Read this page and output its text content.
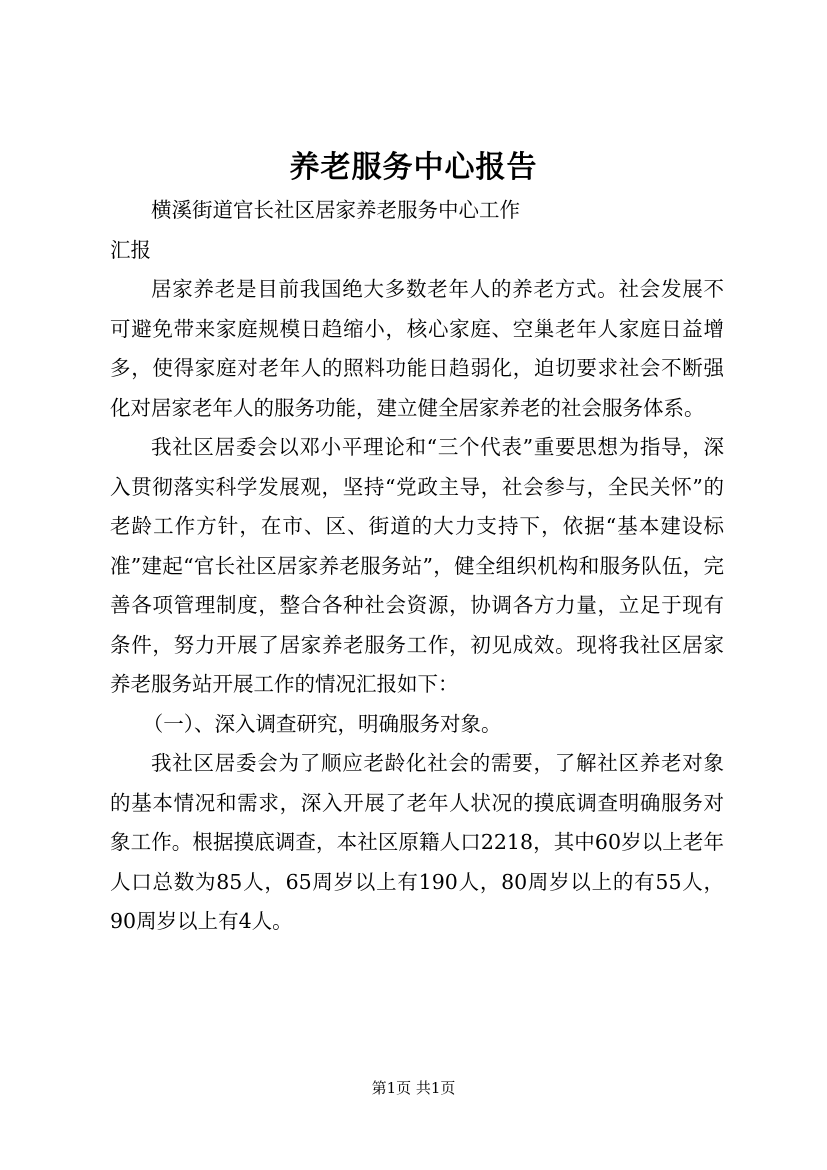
养老服务中心报告

横溪街道官长社区居家养老服务中心工作汇报

居家养老是目前我国绝大多数老年人的养老方式。社会发展不可避免带来家庭规模日趋缩小，核心家庭、空巢老年人家庭日益增多，使得家庭对老年人的照料功能日趋弱化，迫切要求社会不断强化对居家老年人的服务功能，建立健全居家养老的社会服务体系。

我社区居委会以邓小平理论和“三个代表”重要思想为指导，深入贯彻落实科学发展观，坚持“党政主导，社会参与，全民关怀”的老龄工作方针，在市、区、街道的大力支持下，依据“基本建设标准”建起“官长社区居家养老服务站”，健全组织机构和服务队伍，完善各项管理制度，整合各种社会资源，协调各方力量，立足于现有条件，努力开展了居家养老服务工作，初见成效。现将我社区居家养老服务站开展工作的情况汇报如下：

（一）、深入调查研究，明确服务对象。

我社区居委会为了顺应老龄化社会的需要，了解社区养老对象的基本情况和需求，深入开展了老年人状况的摸底调查明确服务对象工作。根据摸底调查，本社区原籍人口2218，其中60岁以上老年人口总数为85人，65周岁以上有190人，80周岁以上的有55人，90周岁以上有4人。

第1页 共1页
